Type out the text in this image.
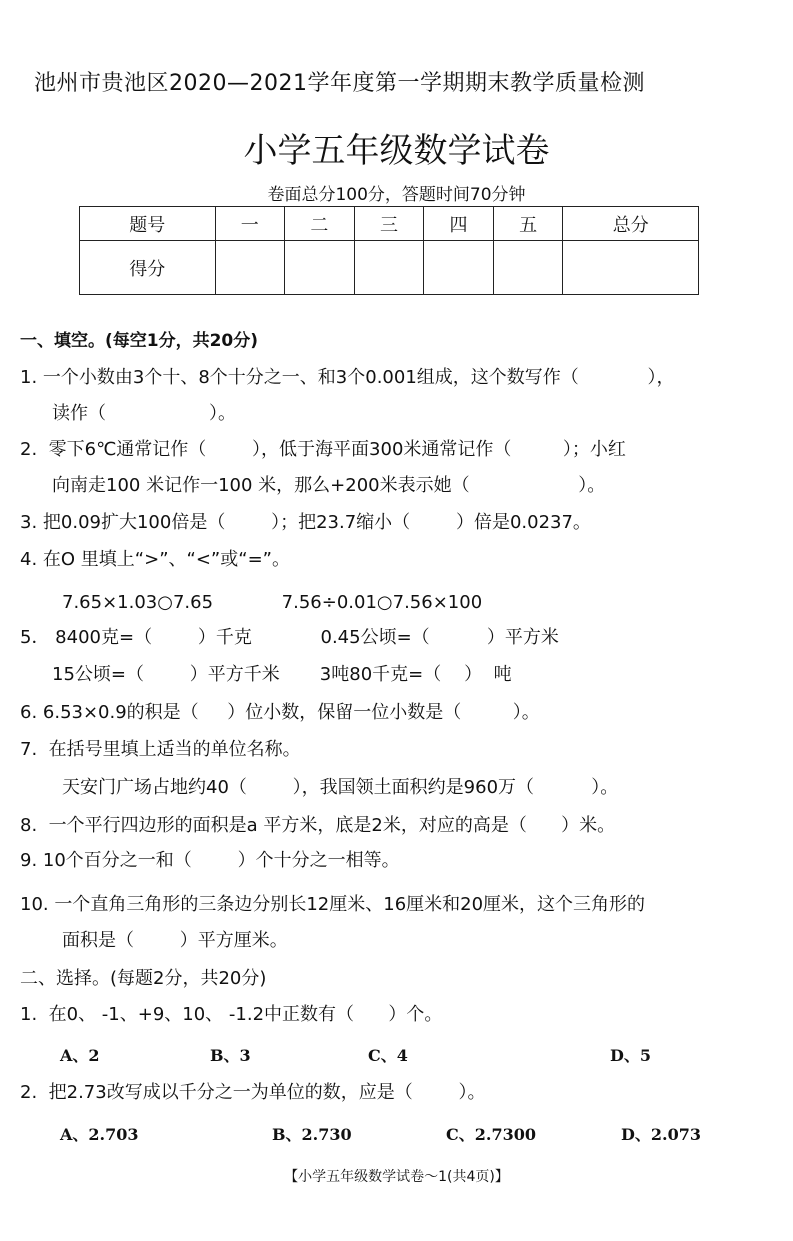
池州市贵池区2020—2021学年度第一学期期末教学质量检测
小学五年级数学试卷
卷面总分100分，答题时间70分钟
题号	一	二	三	四	五	总分
得分						
一、填空。(每空1分，共20分)
1. 一个小数由3个十、8个十分之一、和3个0.001组成，这个数写作（            ），
读作（                  ）。
2.  零下6℃通常记作（        ），低于海平面300米通常记作（         ）；小红
向南走100 米记作一100 米，那么+200米表示她（                   ）。
3. 把0.09扩大100倍是（        ）；把23.7缩小（        ）倍是0.0237。
4. 在O 里填上“>”、“<”或“=”。
7.65×1.03○7.65            7.56÷0.01○7.56×100
5． 8400克=（        ）千克            0.45公顷=（          ）平方米
15公顷=（        ）平方千米       3吨80千克=（    ）  吨
6. 6.53×0.9的积是（     ）位小数，保留一位小数是（         ）。
7.  在括号里填上适当的单位名称。
天安门广场占地约40（        ），我国领土面积约是960万（          ）。
8.  一个平行四边形的面积是a 平方米，底是2米，对应的高是（      ）米。
9. 10个百分之一和（        ）个十分之一相等。
10. 一个直角三角形的三条边分别长12厘米、16厘米和20厘米，这个三角形的
面积是（        ）平方厘米。
二、选择。(每题2分，共20分)
1.  在0、 -1、+9、10、 -1.2中正数有（      ）个。
A、2	B、3	C、4	D、5
2.  把2.73改写成以千分之一为单位的数，应是（        ）。
A、2.703	B、2.730	C、2.7300	D、2.073
【小学五年级数学试卷～1(共4页)】
